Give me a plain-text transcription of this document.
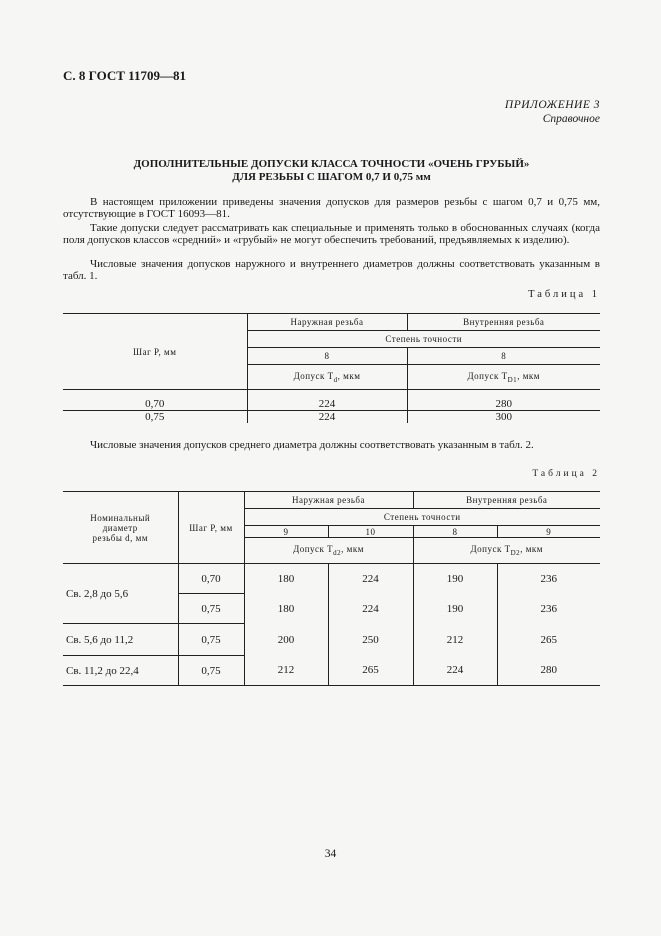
С. 8 ГОСТ 11709—81
ПРИЛОЖЕНИЕ 3
Справочное
ДОПОЛНИТЕЛЬНЫЕ ДОПУСКИ КЛАССА ТОЧНОСТИ «ОЧЕНЬ ГРУБЫЙ»
ДЛЯ РЕЗЬБЫ С ШАГОМ 0,7 И 0,75 мм

В настоящем приложении приведены значения допусков для размеров резьбы с шагом 0,7 и 0,75 мм, отсутствующие в ГОСТ 16093—81.

Такие допуски следует рассматривать как специальные и применять только в обоснованных случаях (когда поля допусков классов «средний» и «грубый» не могут обеспечить требований, предъявляемых к изделию).

Числовые значения допусков наружного и внутреннего диаметров должны соответствовать указанным в табл. 1.

Таблица 1
Шаг P, мм	Наружная резьба	Внутренняя резьба
	Степень точности	
	8	8
	Допуск $T_d$, мкм	Допуск $T_{D1}$, мкм

0,70	224	280
0,75	224	300

Числовые значения допусков среднего диаметра должны соответствовать указанным в табл. 2.

Таблица 2
Номинальный
диаметр
резьбы d, мм	Шаг P, мм	Наружная резьба		Внутренняя резьба	
		Степень точности			
		9	10	8	9
		Допуск $T_{d2}$, мкм		Допуск $T_{D2}$, мкм	
Св. 2,8 до 5,6	0,70	180	224	190	236
	0,75	180	224	190	236
Св. 5,6 до 11,2	0,75	200	250	212	265
Св. 11,2 до 22,4	0,75	212	265	224	280
34
